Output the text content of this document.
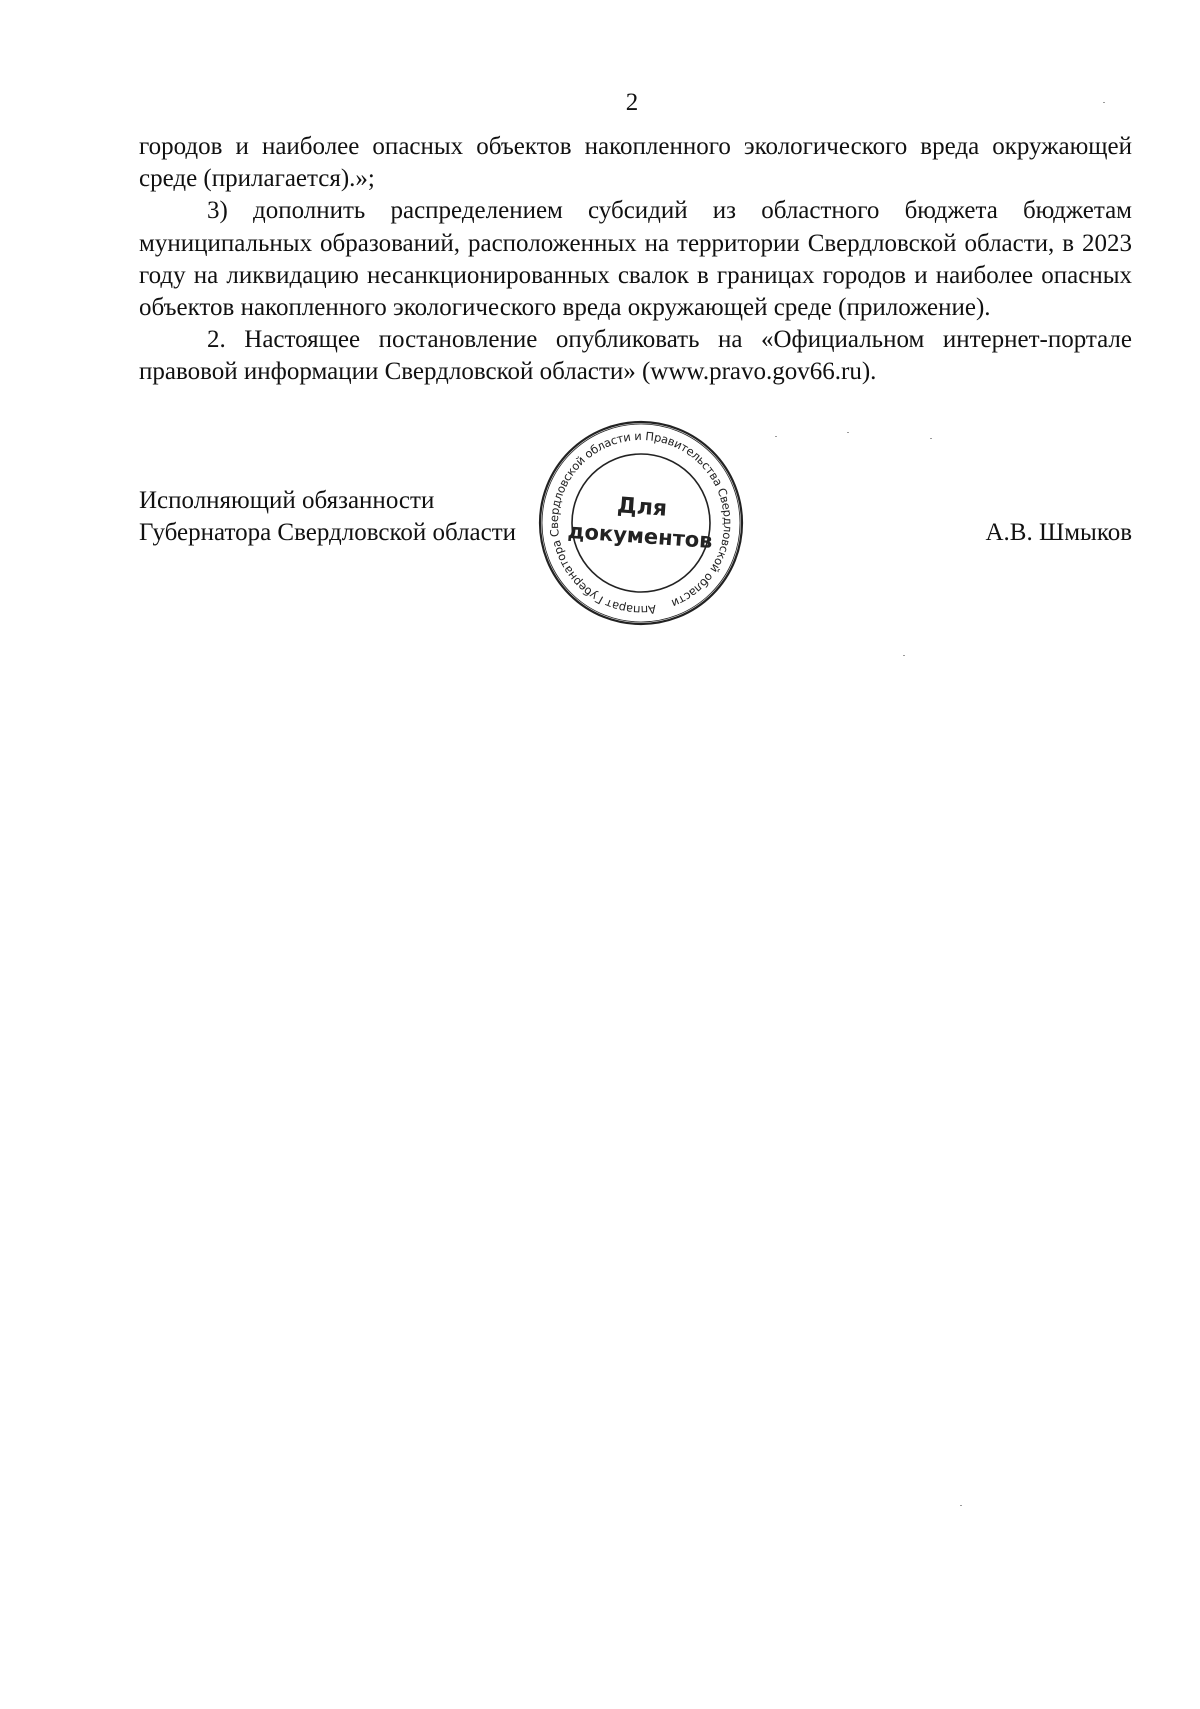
2

городов и наиболее опасных объектов накопленного экологического вреда окружающей среде (прилагается).»;

3) дополнить распределением субсидий из областного бюджета бюджетам муниципальных образований, расположенных на территории Свердловской области, в 2023 году на ликвидацию несанкционированных свалок в границах городов и наиболее опасных объектов накопленного экологического вреда окружающей среде (приложение).

2. Настоящее постановление опубликовать на «Официальном интернет-портале правовой информации Свердловской области» (www.pravo.gov66.ru).

Исполняющий обязанности
Губернатора Свердловской области	А.В. Шмыков
Аппарат Губернатора Свердловской области и Правительства Свердловской области
Для
документов
